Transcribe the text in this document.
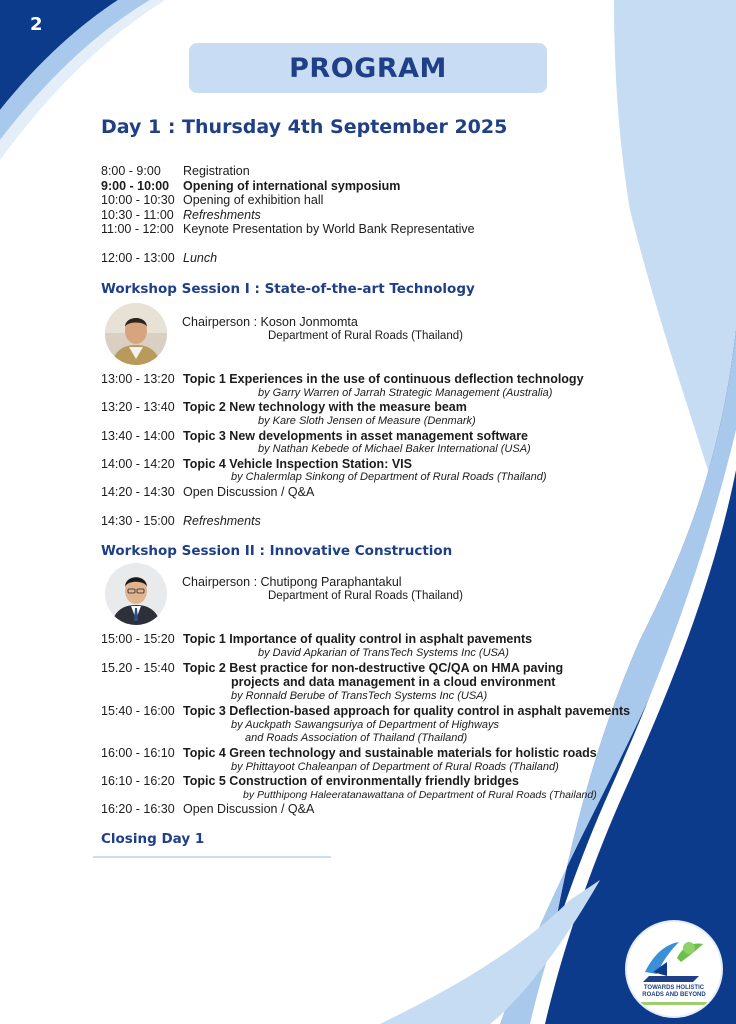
2
PROGRAM
Day 1 : Thursday 4th September 2025
8:00 - 9:00 Registration
9:00 - 10:00 Opening of international symposium
10:00 - 10:30 Opening of exhibition hall
10:30 - 11:00 Refreshments
11:00 - 12:00 Keynote Presentation by World Bank Representative
12:00 - 13:00 Lunch
Workshop Session I : State-of-the-art Technology
Chairperson : Koson Jonmomta
Department of Rural Roads (Thailand)
13:00 - 13:20 Topic 1 Experiences in the use of continuous deflection technology
by Garry Warren of Jarrah Strategic Management (Australia)
13:20 - 13:40 Topic 2 New technology with the measure beam
by Kare Sloth Jensen of Measure (Denmark)
13:40 - 14:00 Topic 3 New developments in asset management software
by Nathan Kebede of Michael Baker International (USA)
14:00 - 14:20 Topic 4 Vehicle Inspection Station: VIS
by Chalermlap Sinkong of Department of Rural Roads (Thailand)
14:20 - 14:30 Open Discussion / Q&A
14:30 - 15:00 Refreshments
Workshop Session II : Innovative Construction
Chairperson : Chutipong Paraphantakul
Department of Rural Roads (Thailand)
15:00 - 15:20 Topic 1 Importance of quality control in asphalt pavements
by David Apkarian of TransTech Systems Inc (USA)
15.20 - 15:40 Topic 2 Best practice for non-destructive QC/QA on HMA paving
projects and data management in a cloud environment
by Ronnald Berube of TransTech Systems Inc (USA)
15:40 - 16:00 Topic 3 Deflection-based approach for quality control in asphalt pavements
by Auckpath Sawangsuriya of Department of Highways
and Roads Association of Thailand (Thailand)
16:00 - 16:10 Topic 4 Green technology and sustainable materials for holistic roads
by Phittayoot Chaleanpan of Department of Rural Roads (Thailand)
16:10 - 16:20 Topic 5 Construction of environmentally friendly bridges
by Putthipong Haleeratanawattana of Department of Rural Roads (Thailand)
16:20 - 16:30 Open Discussion / Q&A
Closing Day 1
TOWARDS HOLISTIC
ROADS AND BEYOND
